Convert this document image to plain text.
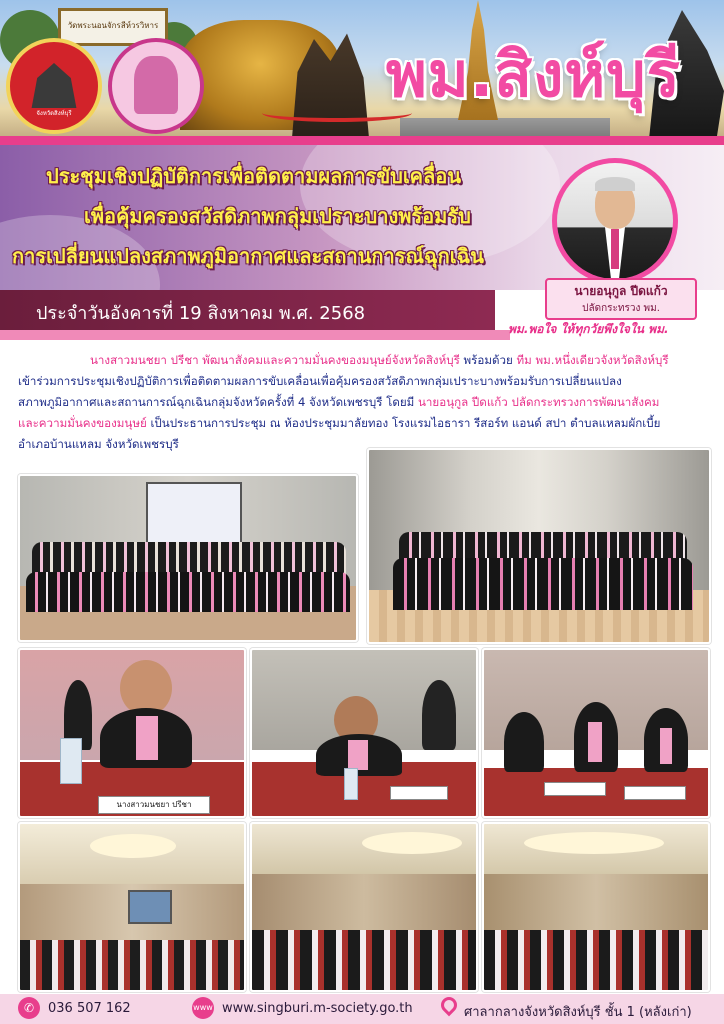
วัดพระนอนจักรสีห์วรวิหาร
จังหวัดสิงห์บุรี
พม.สิงห์บุรี
ประชุมเชิงปฏิบัติการเพื่อติดตามผลการขับเคลื่อน
เพื่อคุ้มครองสวัสดิภาพกลุ่มเปราะบางพร้อมรับ
การเปลี่ยนแปลงสภาพภูมิอากาศและสถานการณ์ฉุกเฉิน
ประจำวันอังคารที่ 19 สิงหาคม พ.ศ. 2568
นายอนุกูล ปีดแก้ว
ปลัดกระทรวง พม.
พม.พอใจ ให้ทุกวัยพึงใจใน พม.

นางสาวมนชยา ปรีชา พัฒนาสังคมและความมั่นคงของมนุษย์จังหวัดสิงห์บุรี พร้อมด้วย ทีม พม.หนึ่งเดียวจังหวัดสิงห์บุรี

เข้าร่วมการประชุมเชิงปฏิบัติการเพื่อติดตามผลการขับเคลื่อนเพื่อคุ้มครองสวัสดิภาพกลุ่มเปราะบางพร้อมรับการเปลี่ยนแปลง

สภาพภูมิอากาศและสถานการณ์ฉุกเฉินกลุ่มจังหวัดครั้งที่ 4 จังหวัดเพชรบุรี โดยมี นายอนุกูล ปีดแก้ว ปลัดกระทรวงการพัฒนาสังคม

และความมั่นคงของมนุษย์ เป็นประธานการประชุม ณ ห้องประชุมมาลัยทอง โรงแรมไอธารา รีสอร์ท แอนด์ สปา ตำบลแหลมผักเบี้ย

อำเภอบ้านแหลม จังหวัดเพชรบุรี

นางสาวมนชยา ปรีชา
✆	036 507 162	www www.singburi.m-society.go.th	ศาลากลางจังหวัดสิงห์บุรี ชั้น 1 (หลังเก่า)
